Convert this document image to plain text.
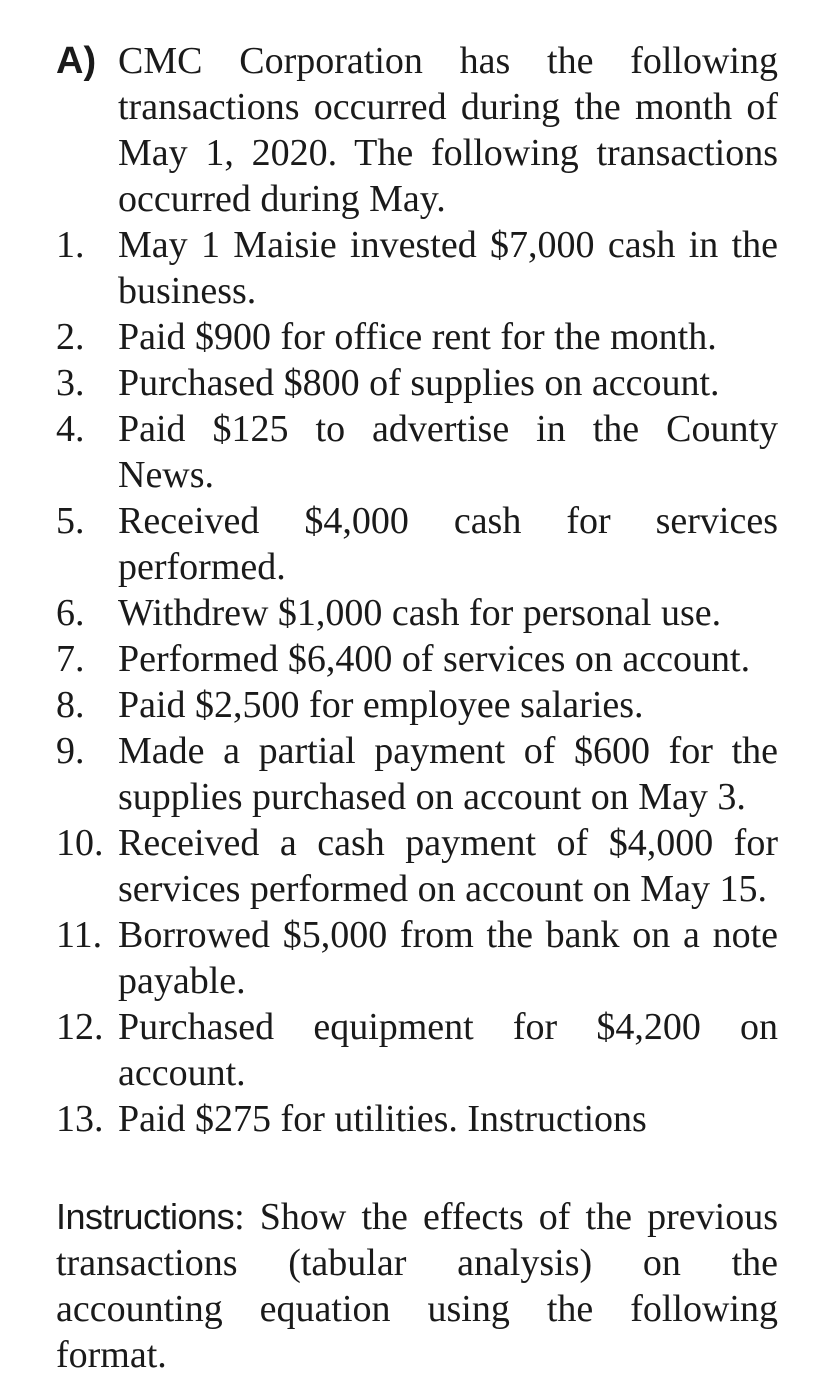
A) CMC Corporation has the following transactions occurred during the month of May 1, 2020. The following transactions occurred during May.
1. May 1 Maisie invested $7,000 cash in the business.
2. Paid $900 for office rent for the month.
3. Purchased $800 of supplies on account.
4. Paid $125 to advertise in the County News.
5. Received $4,000 cash for services performed.
6. Withdrew $1,000 cash for personal use.
7. Performed $6,400 of services on account.
8. Paid $2,500 for employee salaries.
9. Made a partial payment of $600 for the supplies purchased on account on May 3.
10. Received a cash payment of $4,000 for services performed on account on May 15.
11. Borrowed $5,000 from the bank on a note payable.
12. Purchased equipment for $4,200 on account.
13. Paid $275 for utilities. Instructions

Instructions: Show the effects of the previous transactions (tabular analysis) on the accounting equation using the following format.
